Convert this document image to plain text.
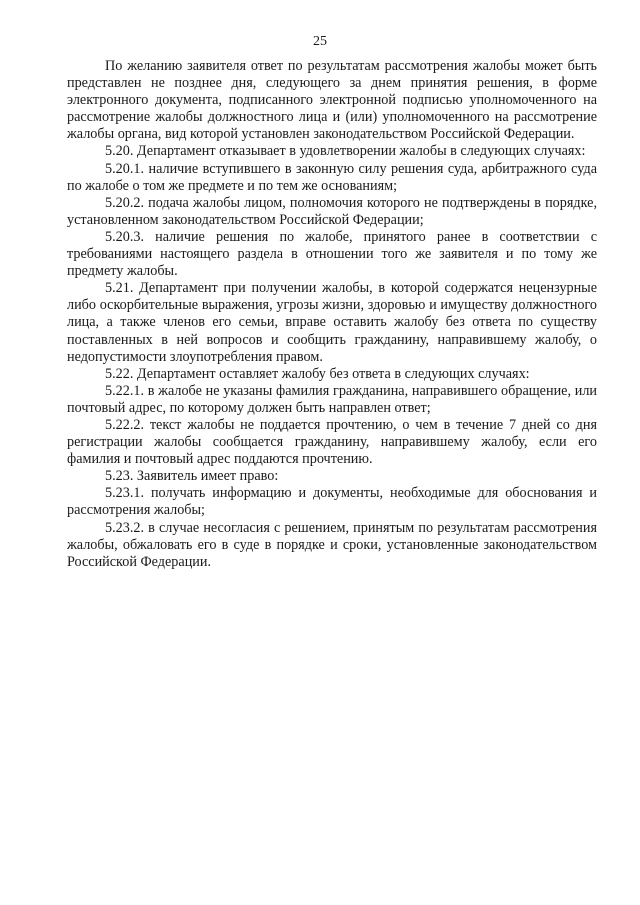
25

По желанию заявителя ответ по результатам рассмотрения жалобы может быть представлен не позднее дня, следующего за днем принятия решения, в форме электронного документа, подписанного электронной подписью уполномоченного на рассмотрение жалобы должностного лица и (или) уполномоченного на рассмотрение жалобы органа, вид которой установлен законодательством Российской Федерации.

5.20. Департамент отказывает в удовлетворении жалобы в следующих случаях:

5.20.1. наличие вступившего в законную силу решения суда, арбитражного суда по жалобе о том же предмете и по тем же основаниям;

5.20.2. подача жалобы лицом, полномочия которого не подтверждены в порядке, установленном законодательством Российской Федерации;

5.20.3. наличие решения по жалобе, принятого ранее в соответствии с требованиями настоящего раздела в отношении того же заявителя и по тому же предмету жалобы.

5.21. Департамент при получении жалобы, в которой содержатся нецензурные либо оскорбительные выражения, угрозы жизни, здоровью и имуществу должностного лица, а также членов его семьи, вправе оставить жалобу без ответа по существу поставленных в ней вопросов и сообщить гражданину, направившему жалобу, о недопустимости злоупотребления правом.

5.22. Департамент оставляет жалобу без ответа в следующих случаях:

5.22.1. в жалобе не указаны фамилия гражданина, направившего обращение, или почтовый адрес, по которому должен быть направлен ответ;

5.22.2. текст жалобы не поддается прочтению, о чем в течение 7 дней со дня регистрации жалобы сообщается гражданину, направившему жалобу, если его фамилия и почтовый адрес поддаются прочтению.

5.23. Заявитель имеет право:

5.23.1. получать информацию и документы, необходимые для обоснования и рассмотрения жалобы;

5.23.2. в случае несогласия с решением, принятым по результатам рассмотрения жалобы, обжаловать его в суде в порядке и сроки, установленные законодательством Российской Федерации.
